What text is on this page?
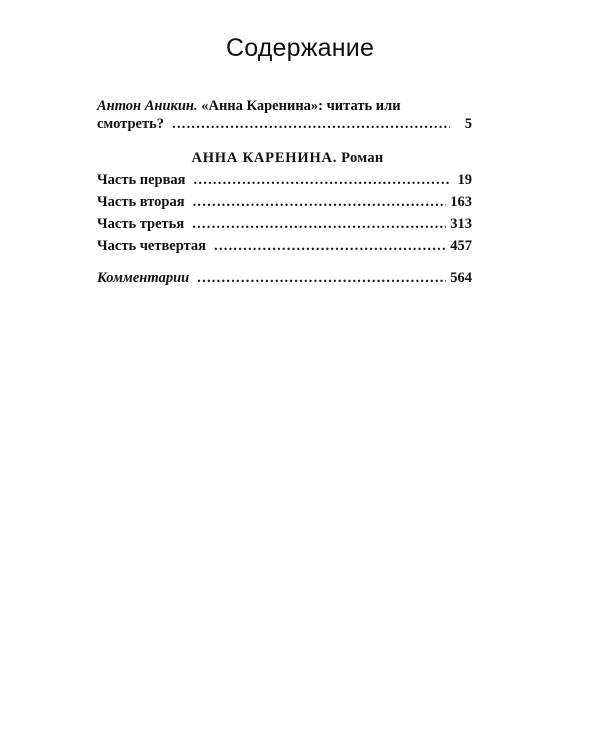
Содержание
Антон Аникин. «Анна Каренина»: читать или
смотреть? . . .	5
АННА КАРЕНИНА. Роман
Часть первая . . .	19
Часть вторая . . .	163
Часть третья . . .	313
Часть четвертая . . .	457
Комментарии . . .	564
